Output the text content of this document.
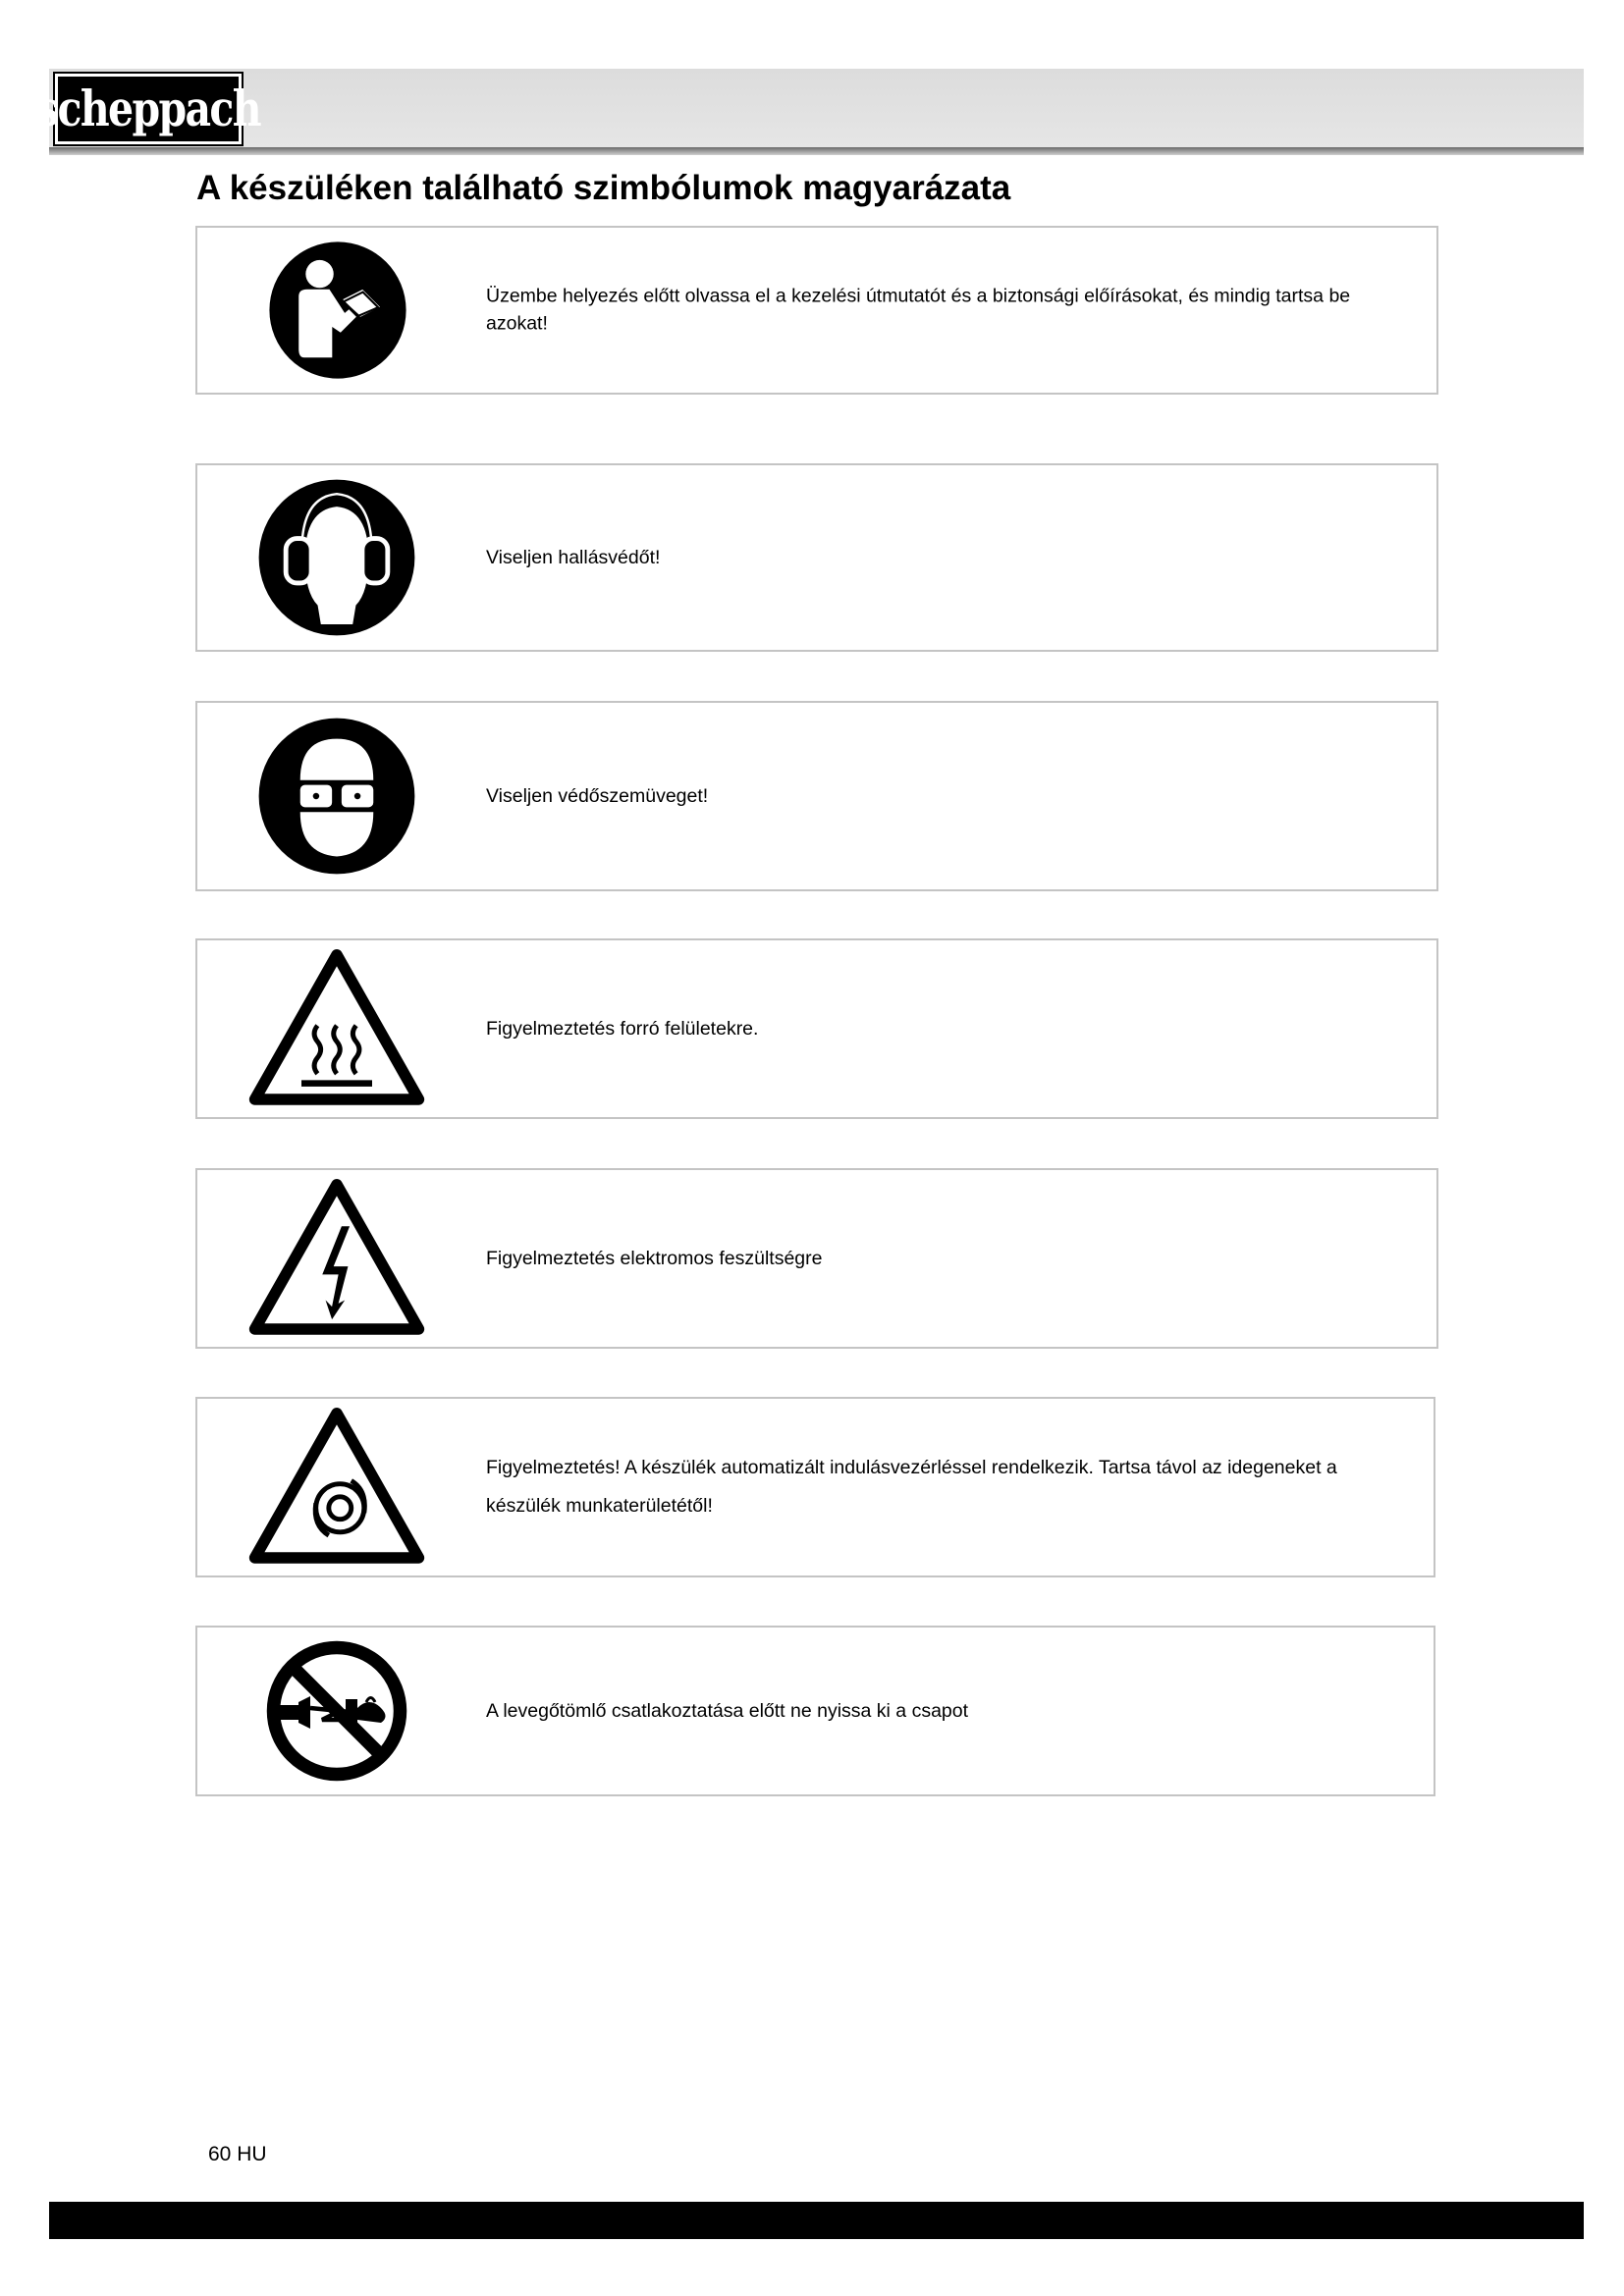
scheppach
A készüléken található szimbólumok magyarázata
Üzembe helyezés előtt olvassa el a kezelési útmutatót és a biztonsági előírásokat, és mindig tartsa be azokat!
Viseljen hallásvédőt!
Viseljen védőszemüveget!
Figyelmeztetés forró felületekre.
Figyelmeztetés elektromos feszültségre
Figyelmeztetés! A készülék automatizált indulásvezérléssel rendelkezik. Tartsa távol az idegeneket a készülék munkaterületétől!
A levegőtömlő csatlakoztatása előtt ne nyissa ki a csapot
60 HU
